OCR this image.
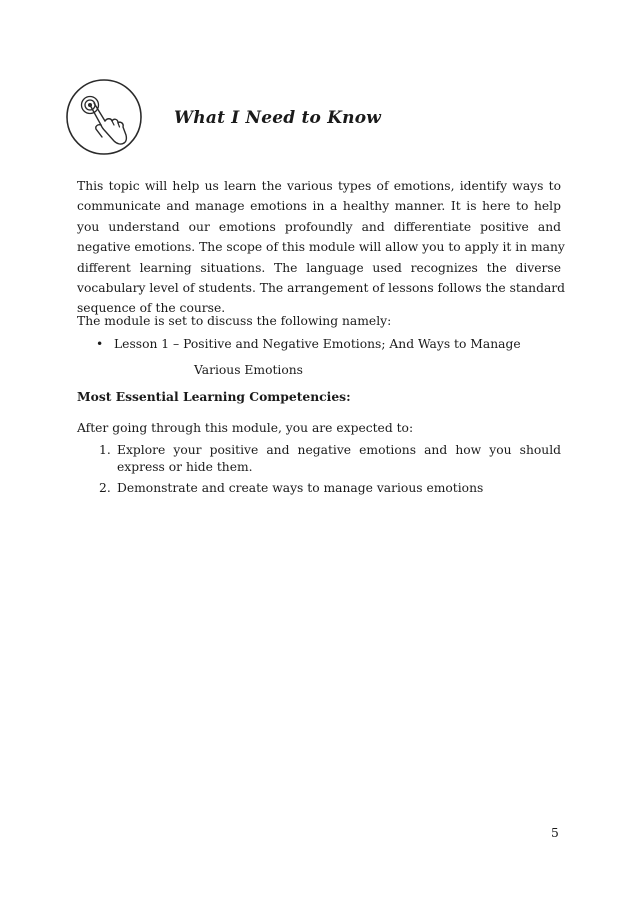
What I Need to Know
This topic will help us learn the various types of emotions, identify ways to
communicate and manage emotions in a healthy manner. It is here to help
you understand our emotions profoundly and differentiate positive and
negative emotions. The scope of this module will allow you to apply it in many
different learning situations. The language used recognizes the diverse
vocabulary level of students. The arrangement of lessons follows the standard
sequence of the course.

The module is set to discuss the following namely:

• Lesson 1 – Positive and Negative Emotions; And Ways to Manage
Various Emotions

Most Essential Learning Competencies:

After going through this module, you are expected to:

1. Explore your positive and negative emotions and how you should
express or hide them.
2. Demonstrate and create ways to manage various emotions

5
